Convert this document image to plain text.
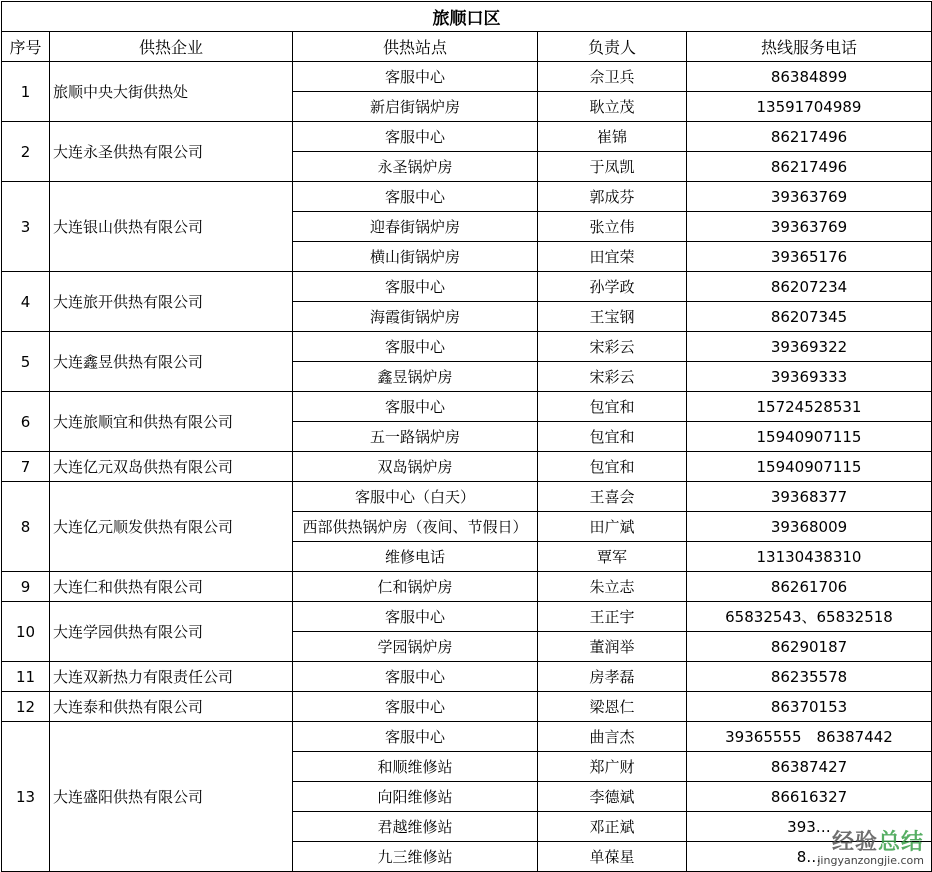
旅顺口区				
序号	供热企业	供热站点	负责人	热线服务电话
1	旅顺中央大街供热处	客服中心	佘卫兵	86384899
		新启街锅炉房	耿立茂	13591704989
2	大连永圣供热有限公司	客服中心	崔锦	86217496
		永圣锅炉房	于凤凯	86217496
3	大连银山供热有限公司	客服中心	郭成芬	39363769
		迎春街锅炉房	张立伟	39363769
		横山街锅炉房	田宜荣	39365176
4	大连旅开供热有限公司	客服中心	孙学政	86207234
		海霞街锅炉房	王宝钢	86207345
5	大连鑫昱供热有限公司	客服中心	宋彩云	39369322
		鑫昱锅炉房	宋彩云	39369333
6	大连旅顺宜和供热有限公司	客服中心	包宜和	15724528531
		五一路锅炉房	包宜和	15940907115
7	大连亿元双岛供热有限公司	双岛锅炉房	包宜和	15940907115
8	大连亿元顺发供热有限公司	客服中心（白天）	王喜会	39368377
		西部供热锅炉房（夜间、节假日）	田广斌	39368009
		维修电话	覃军	13130438310
9	大连仁和供热有限公司	仁和锅炉房	朱立志	86261706
10	大连学园供热有限公司	客服中心	王正宇	65832543、65832518
		学园锅炉房	董润举	86290187
11	大连双新热力有限责任公司	客服中心	房孝磊	86235578
12	大连泰和供热有限公司	客服中心	梁恩仁	86370153
13	大连盛阳供热有限公司	客服中心	曲言杰	39365555　86387442
		和顺维修站	郑广财	86387427
		向阳维修站	李德斌	86616327
		君越维修站	邓正斌	393…
		九三维修站	单葆星	8…
经验总结
jingyanzongjie.com
